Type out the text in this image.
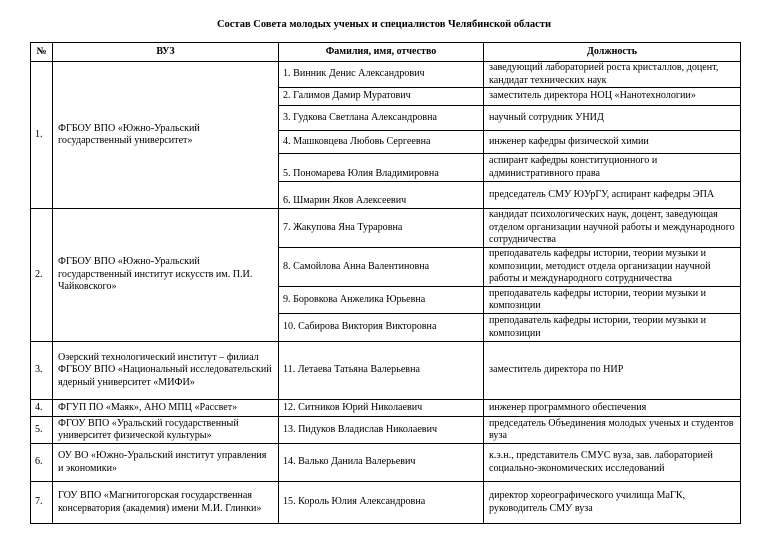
Состав Совета молодых ученых и специалистов Челябинской области
№	ВУЗ	Фамилия, имя, отчество	Должность
1.	ФГБОУ ВПО «Южно-Уральский государственный университет»	1. Винник Денис Александрович	заведующий лабораторией роста кристаллов, доцент, кандидат технических наук
		2. Галимов Дамир Муратович	заместитель директора НОЦ «Нанотехнологии»
		3. Гудкова Светлана Александровна	научный сотрудник УНИД
		4. Машковцева Любовь Сергеевна	инженер кафедры физической химии
		5. Пономарева Юлия Владимировна	аспирант кафедры конституционного и административного права
		6. Шмарин Яков Алексеевич	председатель СМУ ЮУрГУ, аспирант кафедры ЭПА
2.	ФГБОУ ВПО «Южно-Уральский государственный институт искусств им. П.И. Чайковского»	7. Жакупова Яна Тураровна	кандидат психологических наук, доцент, заведующая отделом организации научной работы и международного сотрудничества
		8. Самойлова Анна Валентиновна	преподаватель кафедры истории, теории музыки и композиции, методист отдела организации научной работы и международного сотрудничества
		9. Боровкова Анжелика Юрьевна	преподаватель кафедры истории, теории музыки и композиции
		10. Сабирова Виктория Викторовна	преподаватель кафедры истории, теории музыки и композиции
3.	Озерский технологический институт – филиал ФГБОУ ВПО «Национальный исследовательский ядерный университет «МИФИ»	11. Летаева Татьяна Валерьевна	заместитель директора по НИР
4.	ФГУП ПО «Маяк», АНО МПЦ «Рассвет»	12. Ситников Юрий Николаевич	инженер программного обеспечения
5.	ФГОУ ВПО «Уральский государственный университет физической культуры»	13. Пидуков Владислав Николаевич	председатель Объединения молодых ученых и студентов вуза
6.	ОУ ВО «Южно-Уральский институт управления и экономики»	14. Валько Данила Валерьевич	к.э.н., представитель СМУС вуза, зав. лабораторией социально-экономических исследований
7.	ГОУ ВПО «Магнитогорская государственная консерватория (академия) имени М.И. Глинки»	15. Король Юлия Александровна	директор хореографического училища МаГК, руководитель СМУ вуза
